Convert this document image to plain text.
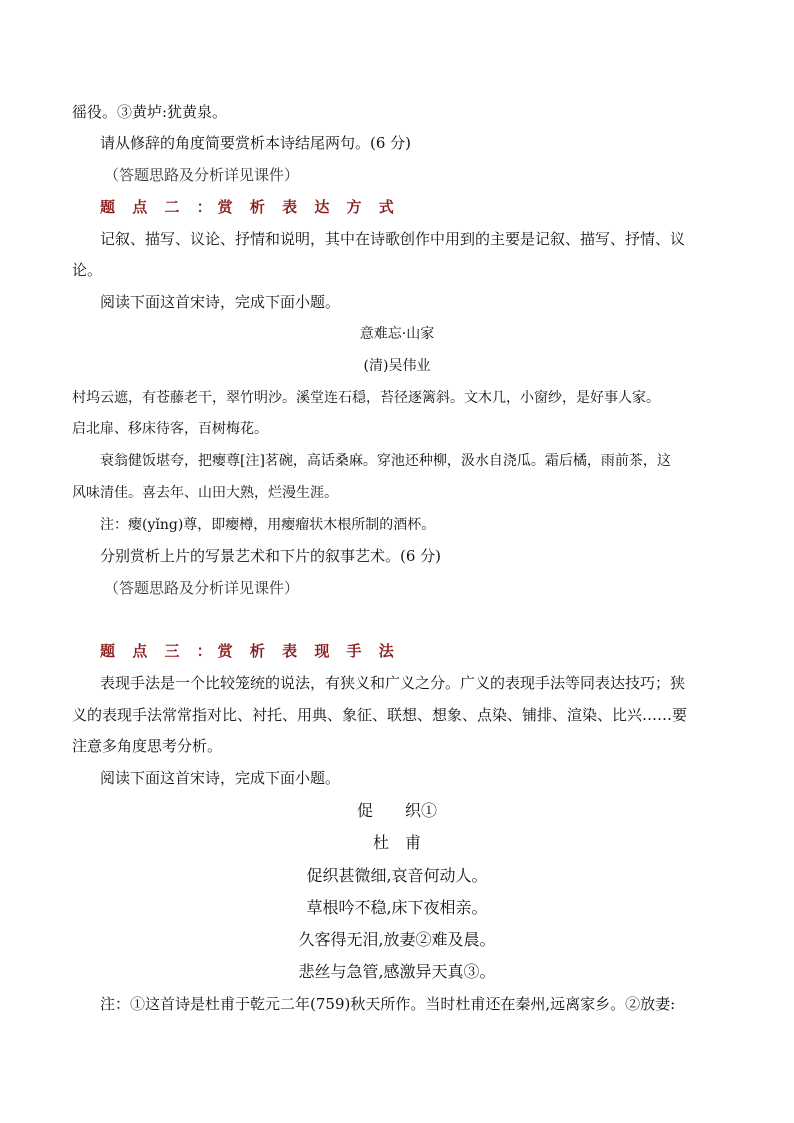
徭役。③黄垆:犹黄泉。
请从修辞的角度简要赏析本诗结尾两句。(6 分)
（答题思路及分析详见课件）
题 点 二 ：赏 析 表 达 方 式
记叙、描写、议论、抒情和说明，其中在诗歌创作中用到的主要是记叙、描写、抒情、议
论。
阅读下面这首宋诗，完成下面小题。
意难忘·山家
(清)吴伟业
村坞云遮，有苍藤老干，翠竹明沙。溪堂连石穏，苔径逐篱斜。文木几，小窗纱，是好事人家。
启北扉、移床待客，百树梅花。
衰翁健饭堪夸，把瘿尊[注]茗碗，高话桑麻。穿池还种柳，汲水自浇瓜。霜后橘，雨前茶，这
风味清佳。喜去年、山田大熟，烂漫生涯。
注：瘿(yǐng)尊，即瘿樽，用瘿瘤状木根所制的酒杯。
分别赏析上片的写景艺术和下片的叙事艺术。(6 分)
（答题思路及分析详见课件）
题 点 三 ：赏 析 表 现 手 法
表现手法是一个比较笼统的说法，有狭义和广义之分。广义的表现手法等同表达技巧；狭
义的表现手法常常指对比、衬托、用典、象征、联想、想象、点染、铺排、渲染、比兴……要
注意多角度思考分析。
阅读下面这首宋诗，完成下面小题。
促　　织①
杜　甫
促织甚微细,哀音何动人。
草根吟不稳,床下夜相亲。
久客得无泪,放妻②难及晨。
悲丝与急管,感激异天真③。
注：①这首诗是杜甫于乾元二年(759)秋天所作。当时杜甫还在秦州,远离家乡。②放妻:
